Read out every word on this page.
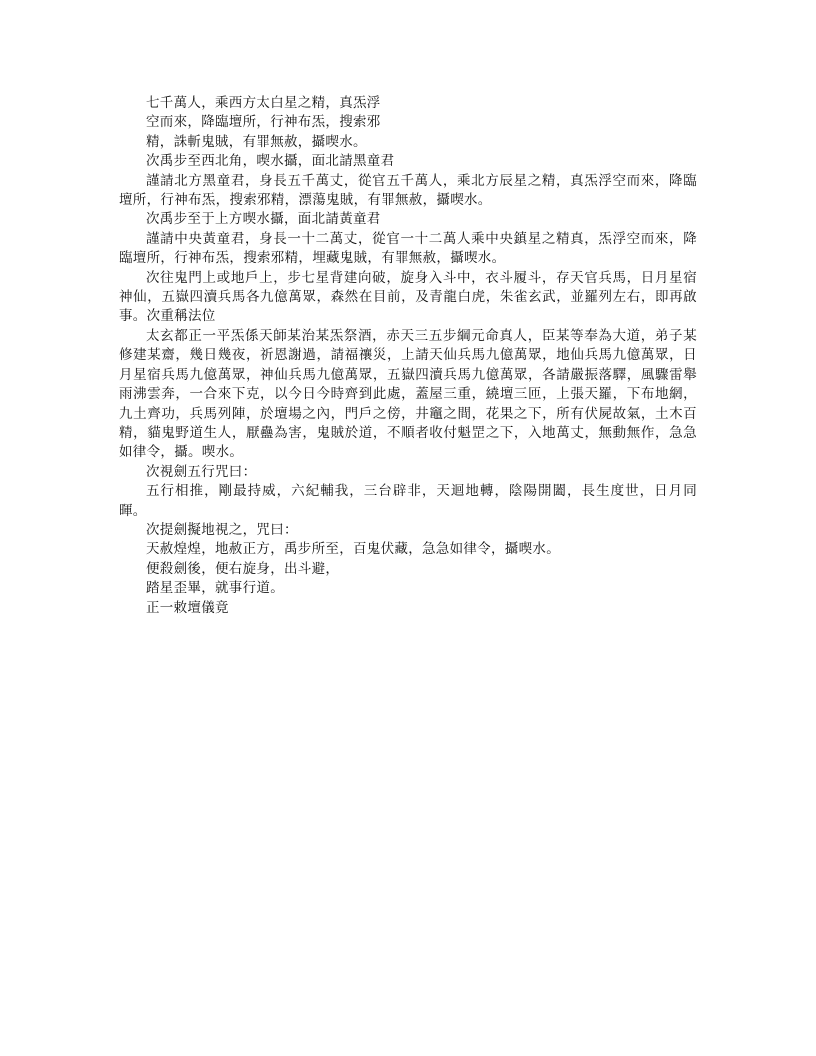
七千萬人，乘西方太白星之精，真炁浮

空而來，降臨壇所，行神布炁，搜索邪

精，誅斬鬼賊，有罪無赦，攝喫水。

次禹步至西北角，喫水攝，面北請黑童君

謹請北方黑童君，身長五千萬丈，從官五千萬人，乘北方辰星之精，真炁浮空而來，降臨壇所，行神布炁，搜索邪精，漂蕩鬼賊，有罪無赦，攝喫水。

次禹步至于上方喫水攝，面北請黃童君

謹請中央黃童君，身長一十二萬丈，從官一十二萬人乘中央鎮星之精真，炁浮空而來，降臨壇所，行神布炁，搜索邪精，埋藏鬼賊，有罪無赦，攝喫水。

次往鬼門上或地戶上，步七星背建向破，旋身入斗中，衣斗履斗，存天官兵馬，日月星宿神仙，五嶽四瀆兵馬各九億萬眾，森然在目前，及青龍白虎，朱雀玄武，並羅列左右，即再啟事。次重稱法位

太玄都正一平炁係天師某治某炁祭酒，赤天三五步綱元命真人，臣某等奉為大道，弟子某修建某齋，幾日幾夜，祈恩謝過，請福禳災，上請天仙兵馬九億萬眾，地仙兵馬九億萬眾，日月星宿兵馬九億萬眾，神仙兵馬九億萬眾，五嶽四瀆兵馬九億萬眾，各請嚴振落驛，風驟雷舉雨沸雲奔，一合來下克，以今日今時齊到此處，蓋屋三重，繞壇三匝，上張天羅，下布地網，九土齊功，兵馬列陣，於壇場之內，門戶之傍，井竈之間，花果之下，所有伏屍故氣，土木百精，貓鬼野道生人，厭蠱為害，鬼賊於道，不順者收付魁罡之下，入地萬丈，無動無作，急急如律令，攝。喫水。

次視劍五行咒曰：

五行相推，剛最持威，六紀輔我，三台辟非，天迴地轉，陰陽開闔，長生度世，日月同暉。

次提劍擬地視之，咒曰：

天赦煌煌，地赦正方，禹步所至，百鬼伏藏，急急如律令，攝喫水。

便殺劍後，便右旋身，出斗避，

踏星歪畢，就事行道。

正一敕壇儀竟
